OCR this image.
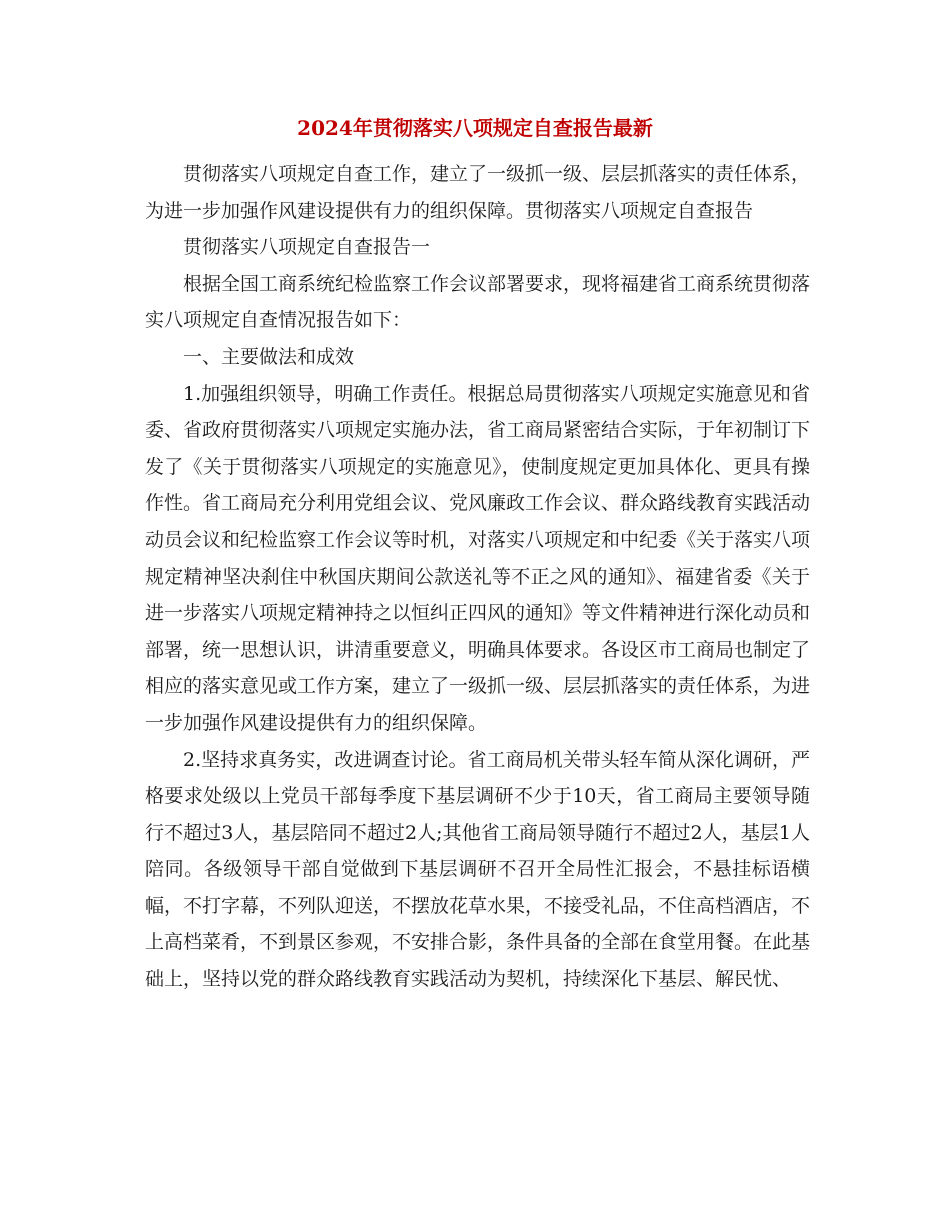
2024年贯彻落实八项规定自查报告最新

贯彻落实八项规定自查工作，建立了一级抓一级、层层抓落实的责任体系，为进一步加强作风建设提供有力的组织保障。贯彻落实八项规定自查报告

贯彻落实八项规定自查报告一

根据全国工商系统纪检监察工作会议部署要求，现将福建省工商系统贯彻落实八项规定自查情况报告如下：

一、主要做法和成效

1.加强组织领导，明确工作责任。根据总局贯彻落实八项规定实施意见和省委、省政府贯彻落实八项规定实施办法，省工商局紧密结合实际，于年初制订下发了《关于贯彻落实八项规定的实施意见》，使制度规定更加具体化、更具有操作性。省工商局充分利用党组会议、党风廉政工作会议、群众路线教育实践活动动员会议和纪检监察工作会议等时机，对落实八项规定和中纪委《关于落实八项规定精神坚决刹住中秋国庆期间公款送礼等不正之风的通知》、福建省委《关于进一步落实八项规定精神持之以恒纠正四风的通知》等文件精神进行深化动员和部署，统一思想认识，讲清重要意义，明确具体要求。各设区市工商局也制定了相应的落实意见或工作方案，建立了一级抓一级、层层抓落实的责任体系，为进一步加强作风建设提供有力的组织保障。

2.坚持求真务实，改进调查讨论。省工商局机关带头轻车简从深化调研，严格要求处级以上党员干部每季度下基层调研不少于10天，省工商局主要领导随行不超过3人，基层陪同不超过2人;其他省工商局领导随行不超过2人，基层1人陪同。各级领导干部自觉做到下基层调研不召开全局性汇报会，不悬挂标语横幅，不打字幕，不列队迎送，不摆放花草水果，不接受礼品，不住高档酒店，不上高档菜肴，不到景区参观，不安排合影，条件具备的全部在食堂用餐。在此基础上，坚持以党的群众路线教育实践活动为契机，持续深化下基层、解民忧、
